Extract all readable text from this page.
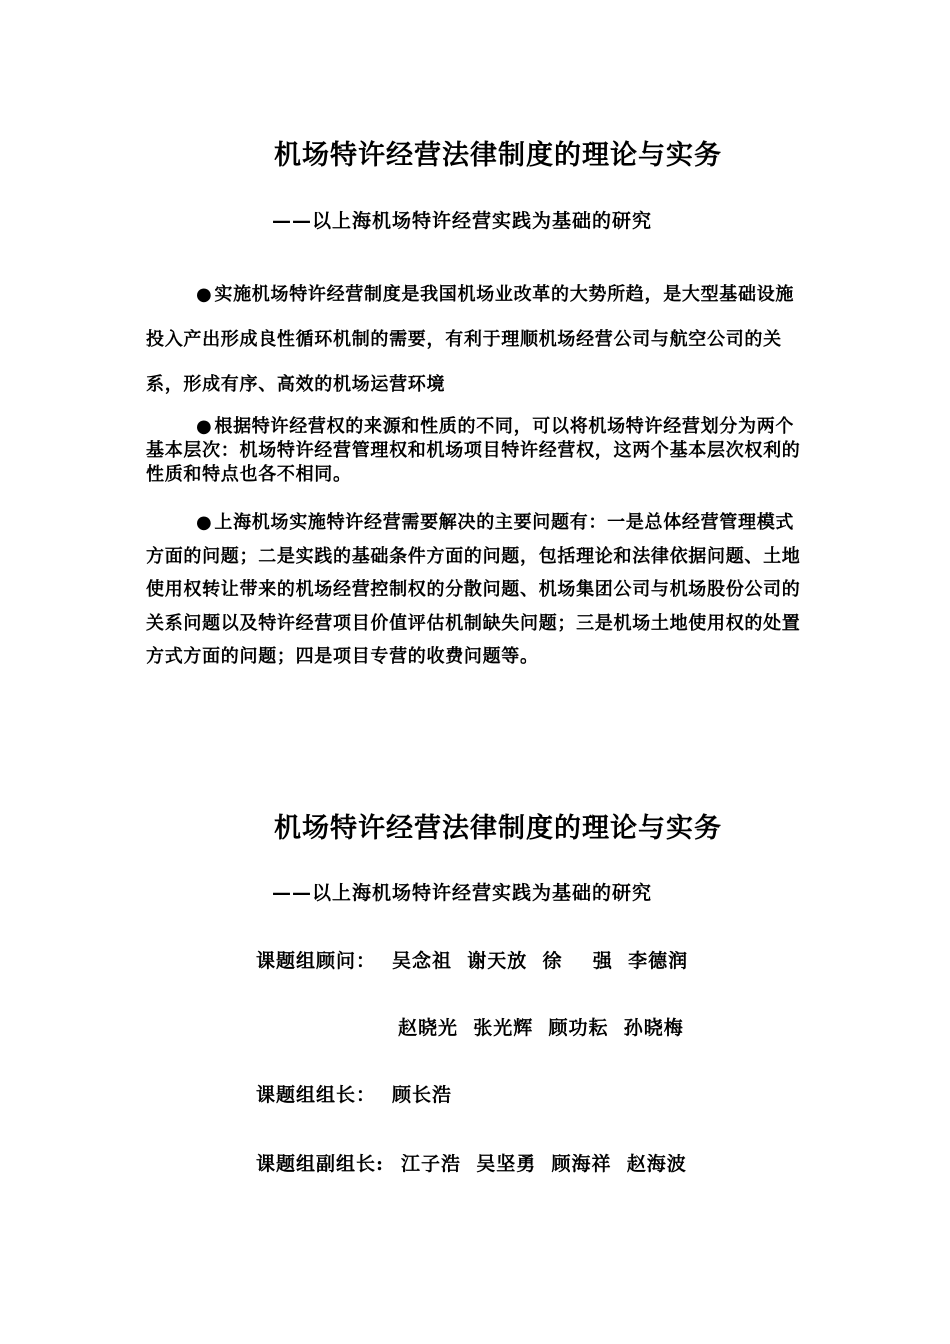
机场特许经营法律制度的理论与实务
——以上海机场特许经营实践为基础的研究
● 实施机场特许经营制度是我国机场业改革的大势所趋，是大型基础设施投入产出形成良性循环机制的需要，有利于理顺机场经营公司与航空公司的关系，形成有序、高效的机场运营环境
● 根据特许经营权的来源和性质的不同，可以将机场特许经营划分为两个基本层次：机场特许经营管理权和机场项目特许经营权，这两个基本层次权利的性质和特点也各不相同。
● 上海机场实施特许经营需要解决的主要问题有：一是总体经营管理模式方面的问题；二是实践的基础条件方面的问题，包括理论和法律依据问题、土地使用权转让带来的机场经营控制权的分散问题、机场集团公司与机场股份公司的关系问题以及特许经营项目价值评估机制缺失问题；三是机场土地使用权的处置方式方面的问题；四是项目专营的收费问题等。
机场特许经营法律制度的理论与实务
——以上海机场特许经营实践为基础的研究
课题组顾问： 吴念祖  谢天放  徐    强  李德润
赵晓光  张光辉  顾功耘  孙晓梅
课题组组长： 顾长浩
课题组副组长: 江子浩  吴坚勇  顾海祥  赵海波
